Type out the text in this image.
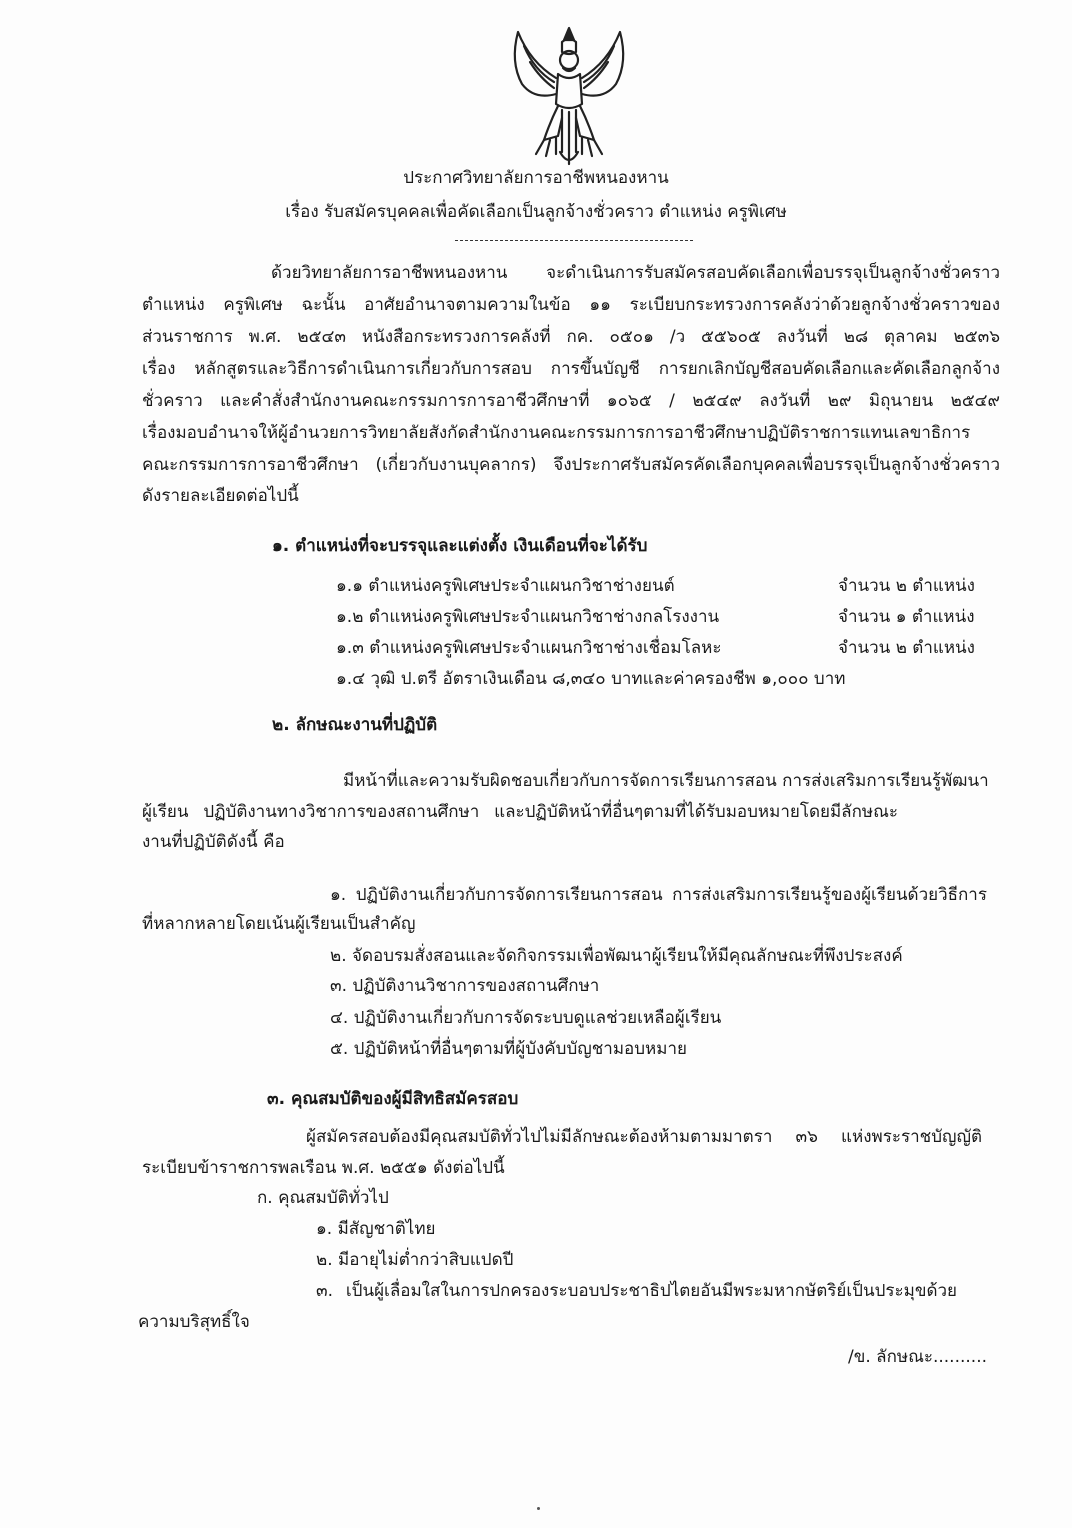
ประกาศวิทยาลัยการอาชีพหนองหาน
เรื่อง รับสมัครบุคคลเพื่อคัดเลือกเป็นลูกจ้างชั่วคราว ตำแหน่ง ครูพิเศษ
ด้วยวิทยาลัยการอาชีพหนองหาน จะดำเนินการรับสมัครสอบคัดเลือกเพื่อบรรจุเป็นลูกจ้างชั่วคราว
ตำแหน่ง ครูพิเศษ ฉะนั้น อาศัยอำนาจตามความในข้อ ๑๑ ระเบียบกระทรวงการคลังว่าด้วยลูกจ้างชั่วคราวของ
ส่วนราชการ พ.ศ. ๒๕๔๓ หนังสือกระทรวงการคลังที่ กค. ๐๕๐๑ /ว ๕๕๖๐๕ ลงวันที่ ๒๘ ตุลาคม ๒๕๓๖
เรื่อง หลักสูตรและวิธีการดำเนินการเกี่ยวกับการสอบ การขึ้นบัญชี การยกเลิกบัญชีสอบคัดเลือกและคัดเลือกลูกจ้าง
ชั่วคราว และคำสั่งสำนักงานคณะกรรมการการอาชีวศึกษาที่ ๑๐๖๕ / ๒๕๔๙ ลงวันที่ ๒๙ มิถุนายน ๒๕๔๙
เรื่องมอบอำนาจให้ผู้อำนวยการวิทยาลัยสังกัดสำนักงานคณะกรรมการการอาชีวศึกษาปฏิบัติราชการแทนเลขาธิการ
คณะกรรมการการอาชีวศึกษา (เกี่ยวกับงานบุคลากร) จึงประกาศรับสมัครคัดเลือกบุคคลเพื่อบรรจุเป็นลูกจ้างชั่วคราว
ดังรายละเอียดต่อไปนี้
๑. ตำแหน่งที่จะบรรจุและแต่งตั้ง เงินเดือนที่จะได้รับ
๑.๑ ตำแหน่งครูพิเศษประจำแผนกวิชาช่างยนต์	จำนวน ๒ ตำแหน่ง
๑.๒ ตำแหน่งครูพิเศษประจำแผนกวิชาช่างกลโรงงาน	จำนวน ๑ ตำแหน่ง
๑.๓ ตำแหน่งครูพิเศษประจำแผนกวิชาช่างเชื่อมโลหะ	จำนวน ๒ ตำแหน่ง
๑.๔ วุฒิ ป.ตรี อัตราเงินเดือน ๘,๓๔๐ บาทและค่าครองชีพ ๑,๐๐๐ บาท
๒. ลักษณะงานที่ปฏิบัติ
มีหน้าที่และความรับผิดชอบเกี่ยวกับการจัดการเรียนการสอน การส่งเสริมการเรียนรู้พัฒนา
ผู้เรียน ปฏิบัติงานทางวิชาการของสถานศึกษา และปฏิบัติหน้าที่อื่นๆตามที่ได้รับมอบหมายโดยมีลักษณะ
งานที่ปฏิบัติดังนี้ คือ
๑. ปฏิบัติงานเกี่ยวกับการจัดการเรียนการสอน การส่งเสริมการเรียนรู้ของผู้เรียนด้วยวิธีการ
ที่หลากหลายโดยเน้นผู้เรียนเป็นสำคัญ
๒. จัดอบรมสั่งสอนและจัดกิจกรรมเพื่อพัฒนาผู้เรียนให้มีคุณลักษณะที่พึงประสงค์
๓. ปฏิบัติงานวิชาการของสถานศึกษา
๔. ปฏิบัติงานเกี่ยวกับการจัดระบบดูแลช่วยเหลือผู้เรียน
๕. ปฏิบัติหน้าที่อื่นๆตามที่ผู้บังคับบัญชามอบหมาย
๓. คุณสมบัติของผู้มีสิทธิสมัครสอบ
ผู้สมัครสอบต้องมีคุณสมบัติทั่วไปไม่มีลักษณะต้องห้ามตามมาตรา ๓๖ แห่งพระราชบัญญัติ
ระเบียบข้าราชการพลเรือน พ.ศ. ๒๕๕๑ ดังต่อไปนี้
ก. คุณสมบัติทั่วไป
๑. มีสัญชาติไทย
๒. มีอายุไม่ต่ำกว่าสิบแปดปี
๓. เป็นผู้เลื่อมใสในการปกครองระบอบประชาธิปไตยอันมีพระมหากษัตริย์เป็นประมุขด้วย
ความบริสุทธิ์ใจ
/ข. ลักษณะ..........
